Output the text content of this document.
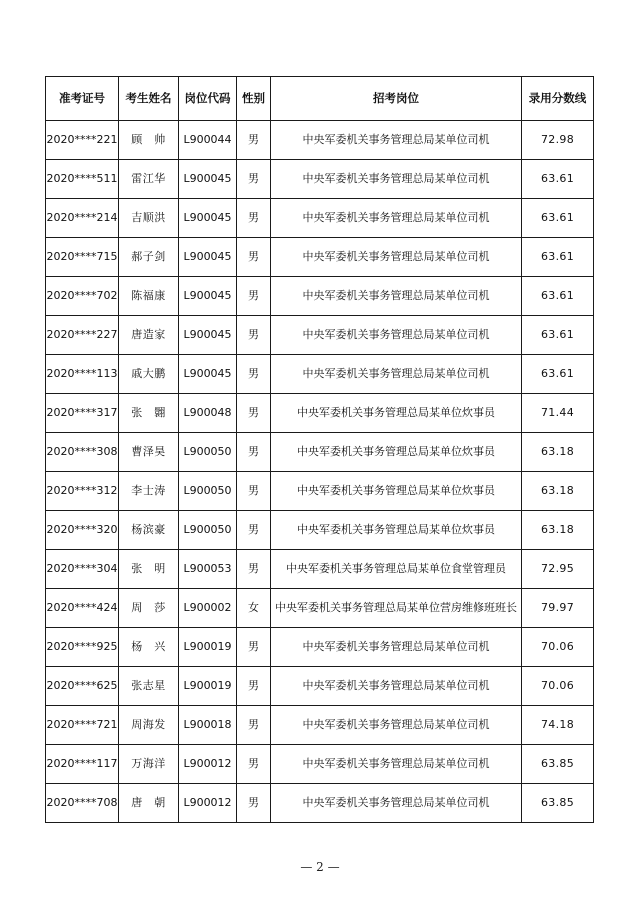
准考证号	考生姓名	岗位代码	性别	招考岗位	录用分数线
2020****221	顾　帅	L900044	男	中央军委机关事务管理总局某单位司机	72.98
2020****511	雷江华	L900045	男	中央军委机关事务管理总局某单位司机	63.61
2020****214	吉顺洪	L900045	男	中央军委机关事务管理总局某单位司机	63.61
2020****715	郝子剑	L900045	男	中央军委机关事务管理总局某单位司机	63.61
2020****702	陈福康	L900045	男	中央军委机关事务管理总局某单位司机	63.61
2020****227	唐造家	L900045	男	中央军委机关事务管理总局某单位司机	63.61
2020****113	戚大鹏	L900045	男	中央军委机关事务管理总局某单位司机	63.61
2020****317	张　翾	L900048	男	中央军委机关事务管理总局某单位炊事员	71.44
2020****308	曹泽昊	L900050	男	中央军委机关事务管理总局某单位炊事员	63.18
2020****312	李士涛	L900050	男	中央军委机关事务管理总局某单位炊事员	63.18
2020****320	杨滨豪	L900050	男	中央军委机关事务管理总局某单位炊事员	63.18
2020****304	张　明	L900053	男	中央军委机关事务管理总局某单位食堂管理员	72.95
2020****424	周　莎	L900002	女	中央军委机关事务管理总局某单位营房维修班班长	79.97
2020****925	杨　兴	L900019	男	中央军委机关事务管理总局某单位司机	70.06
2020****625	张志星	L900019	男	中央军委机关事务管理总局某单位司机	70.06
2020****721	周海发	L900018	男	中央军委机关事务管理总局某单位司机	74.18
2020****117	万海洋	L900012	男	中央军委机关事务管理总局某单位司机	63.85
2020****708	唐　朝	L900012	男	中央军委机关事务管理总局某单位司机	63.85
— 2 —
